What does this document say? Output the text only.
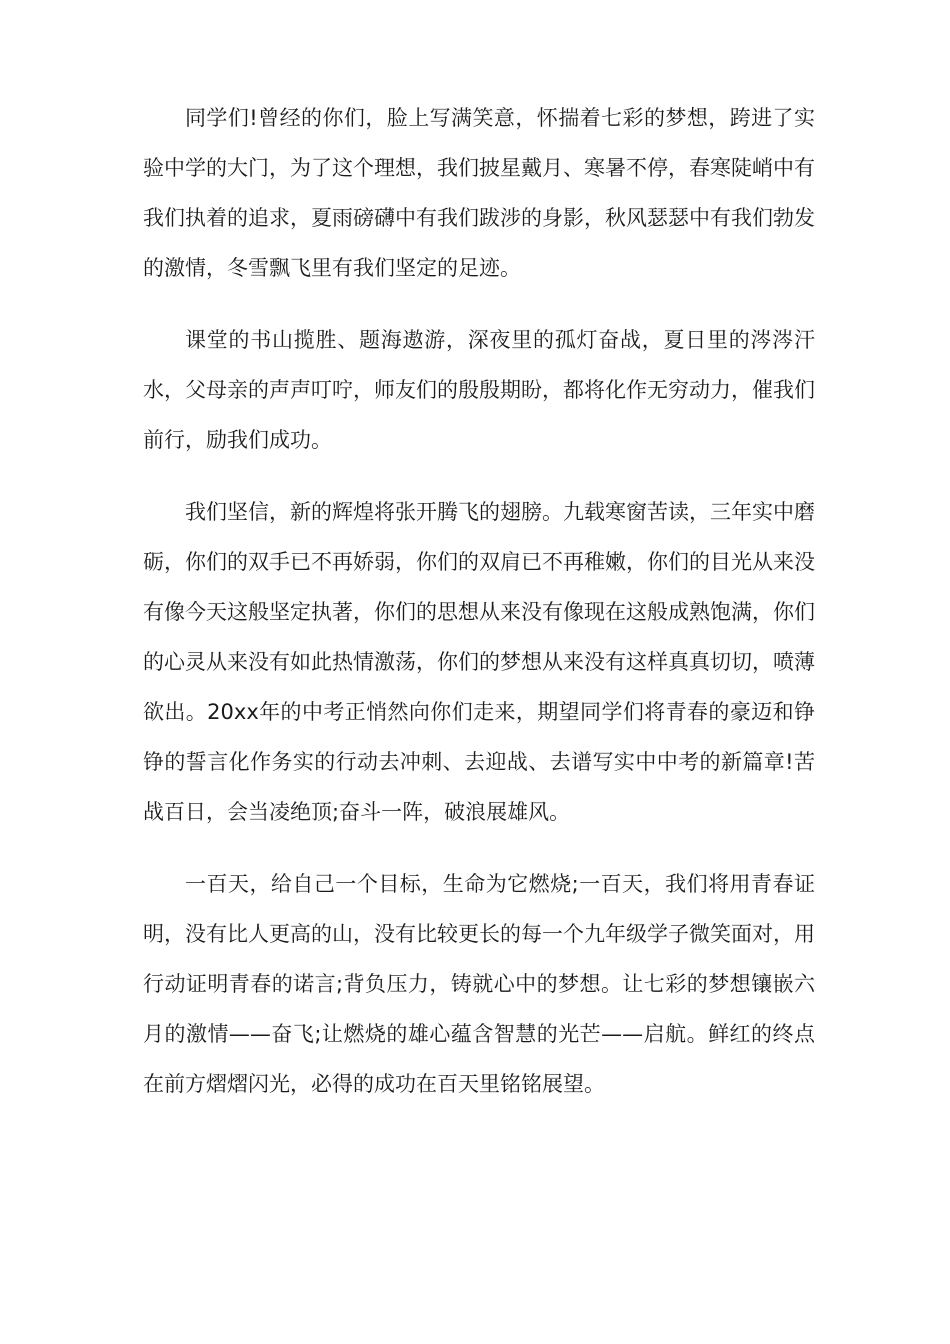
同学们!曾经的你们，脸上写满笑意，怀揣着七彩的梦想，跨进了实验中学的大门，为了这个理想，我们披星戴月、寒暑不停，春寒陡峭中有我们执着的追求，夏雨磅礴中有我们跋涉的身影，秋风瑟瑟中有我们勃发的激情，冬雪飘飞里有我们坚定的足迹。

课堂的书山揽胜、题海遨游，深夜里的孤灯奋战，夏日里的涔涔汗水，父母亲的声声叮咛，师友们的殷殷期盼，都将化作无穷动力，催我们前行，励我们成功。

我们坚信，新的辉煌将张开腾飞的翅膀。九载寒窗苦读，三年实中磨砺，你们的双手已不再娇弱，你们的双肩已不再稚嫩，你们的目光从来没有像今天这般坚定执著，你们的思想从来没有像现在这般成熟饱满，你们的心灵从来没有如此热情激荡，你们的梦想从来没有这样真真切切，喷薄欲出。20xx年的中考正悄然向你们走来，期望同学们将青春的豪迈和铮铮的誓言化作务实的行动去冲刺、去迎战、去谱写实中中考的新篇章!苦战百日，会当凌绝顶;奋斗一阵，破浪展雄风。

一百天，给自己一个目标，生命为它燃烧;一百天，我们将用青春证明，没有比人更高的山，没有比较更长的每一个九年级学子微笑面对，用行动证明青春的诺言;背负压力，铸就心中的梦想。让七彩的梦想镶嵌六月的激情——奋飞;让燃烧的雄心蕴含智慧的光芒——启航。鲜红的终点在前方熠熠闪光，必得的成功在百天里铭铭展望。
